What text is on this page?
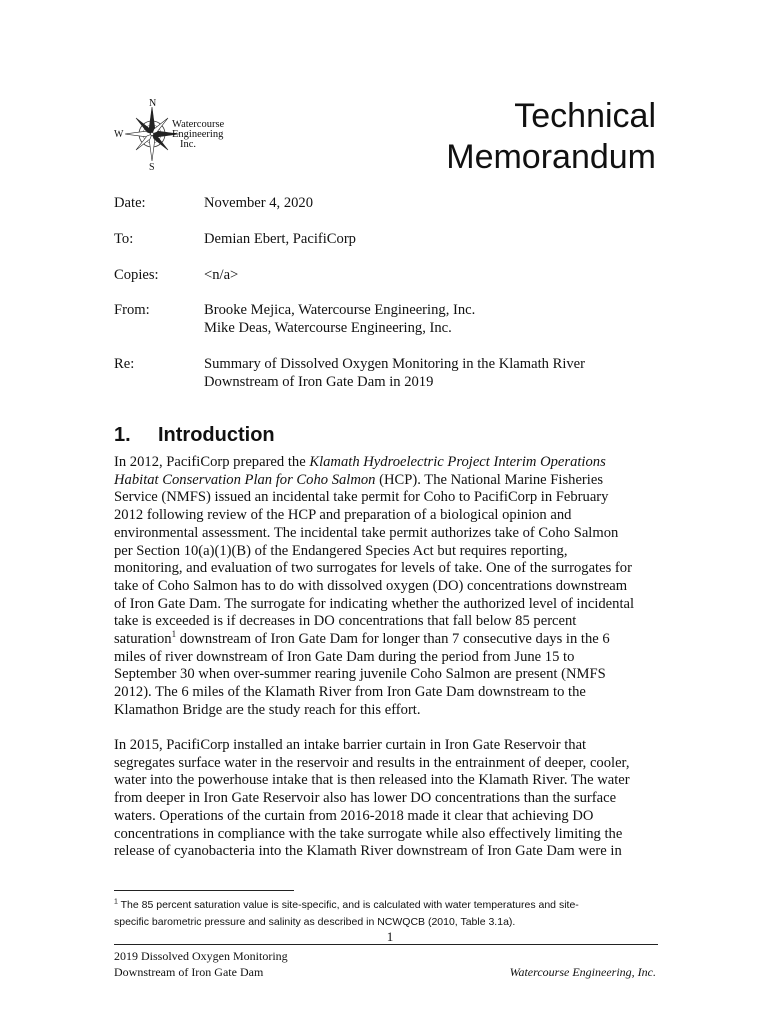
N
S
W
Watercourse
Engineering
Inc.
Technical
Memorandum
Date:	November 4, 2020
To:	Demian Ebert, PacifiCorp
Copies:	<n/a>
From:	Brooke Mejica, Watercourse Engineering, Inc.
Mike Deas, Watercourse Engineering, Inc.
Re:	Summary of Dissolved Oxygen Monitoring in the Klamath River
Downstream of Iron Gate Dam in 2019
1. Introduction
In 2012, PacifiCorp prepared the Klamath Hydroelectric Project Interim Operations
Habitat Conservation Plan for Coho Salmon (HCP). The National Marine Fisheries
Service (NMFS) issued an incidental take permit for Coho to PacifiCorp in February
2012 following review of the HCP and preparation of a biological opinion and
environmental assessment. The incidental take permit authorizes take of Coho Salmon
per Section 10(a)(1)(B) of the Endangered Species Act but requires reporting,
monitoring, and evaluation of two surrogates for levels of take. One of the surrogates for
take of Coho Salmon has to do with dissolved oxygen (DO) concentrations downstream
of Iron Gate Dam. The surrogate for indicating whether the authorized level of incidental
take is exceeded is if decreases in DO concentrations that fall below 85 percent
saturation$^1$ downstream of Iron Gate Dam for longer than 7 consecutive days in the 6
miles of river downstream of Iron Gate Dam during the period from June 15 to
September 30 when over-summer rearing juvenile Coho Salmon are present (NMFS
2012). The 6 miles of the Klamath River from Iron Gate Dam downstream to the
Klamathon Bridge are the study reach for this effort.
In 2015, PacifiCorp installed an intake barrier curtain in Iron Gate Reservoir that
segregates surface water in the reservoir and results in the entrainment of deeper, cooler,
water into the powerhouse intake that is then released into the Klamath River. The water
from deeper in Iron Gate Reservoir also has lower DO concentrations than the surface
waters. Operations of the curtain from 2016-2018 made it clear that achieving DO
concentrations in compliance with the take surrogate while also effectively limiting the
release of cyanobacteria into the Klamath River downstream of Iron Gate Dam were in
$^1$ The 85 percent saturation value is site-specific, and is calculated with water temperatures and site-
specific barometric pressure and salinity as described in NCWQCB (2010, Table 3.1a).
1
2019 Dissolved Oxygen Monitoring
Downstream of Iron Gate Dam	Watercourse Engineering, Inc.
